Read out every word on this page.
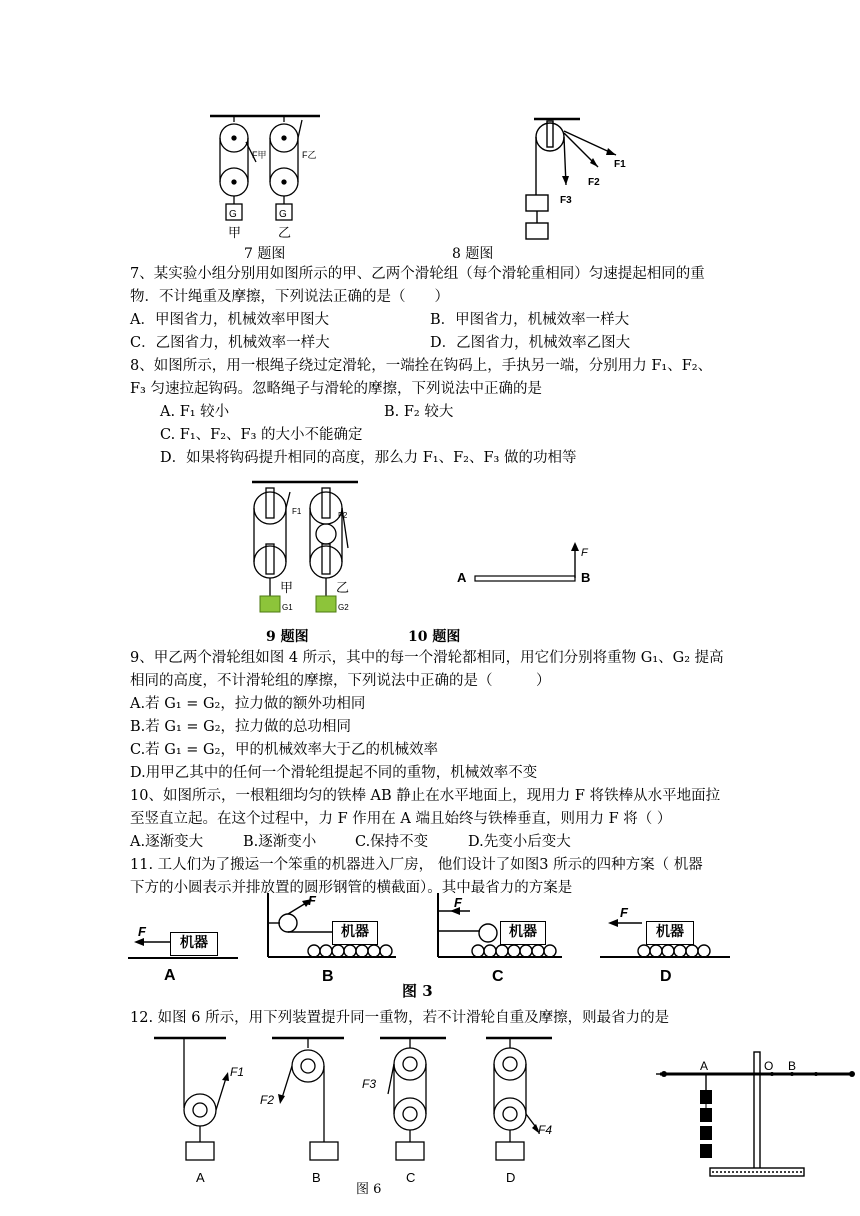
F甲	F乙
G	G
甲	乙
7 题图
F1
F2
F3
8 题图
7、某实验小组分别用如图所示的甲、乙两个滑轮组（每个滑轮重相同）匀速提起相同的重
物．不计绳重及摩擦，下列说法正确的是（　　）
A．甲图省力，机械效率甲图大	B．甲图省力，机械效率一样大
C．乙图省力，机械效率一样大	D．乙图省力，机械效率乙图大
8、如图所示，用一根绳子绕过定滑轮，一端拴在钩码上，手执另一端，分别用力 F₁、F₂、
F₃ 匀速拉起钩码。忽略绳子与滑轮的摩擦，下列说法中正确的是
A. F₁ 较小	B. F₂ 较大
C. F₁、F₂、F₃ 的大小不能确定
D．如果将钩码提升相同的高度，那么力 F₁、F₂、F₃ 做的功相等
F1	F2
甲	乙
G1	G2
A	B
F
9 题图	10 题图
9、甲乙两个滑轮组如图 4 所示，其中的每一个滑轮都相同，用它们分别将重物 G₁、G₂ 提高
相同的高度，不计滑轮组的摩擦，下列说法中正确的是（　　　）
A.若 G₁ = G₂，拉力做的额外功相同
B.若 G₁ = G₂，拉力做的总功相同
C.若 G₁ = G₂，甲的机械效率大于乙的机械效率
D.用甲乙其中的任何一个滑轮组提起不同的重物，机械效率不变
10、如图所示，一根粗细均匀的铁棒 AB 静止在水平地面上，现用力 F 将铁棒从水平地面拉
至竖直立起。在这个过程中，力 F 作用在 A 端且始终与铁棒垂直，则用力 F 将（ ）
A.逐渐变大	B.逐渐变小	C.保持不变	D.先变小后变大
11. 工人们为了搬运一个笨重的机器进入厂房， 他们设计了如图3 所示的四种方案（ 机器
下方的小圆表示并排放置的圆形钢管的横截面）。其中最省力的方案是
F
A
机器
F
B
机器
F
C
机器
F
D
机器
图 3
12. 如图 6 所示，用下列装置提升同一重物，若不计滑轮自重及摩擦，则最省力的是
F1
A
F2
B
F3
C
F4
D
图 6
A	O B
